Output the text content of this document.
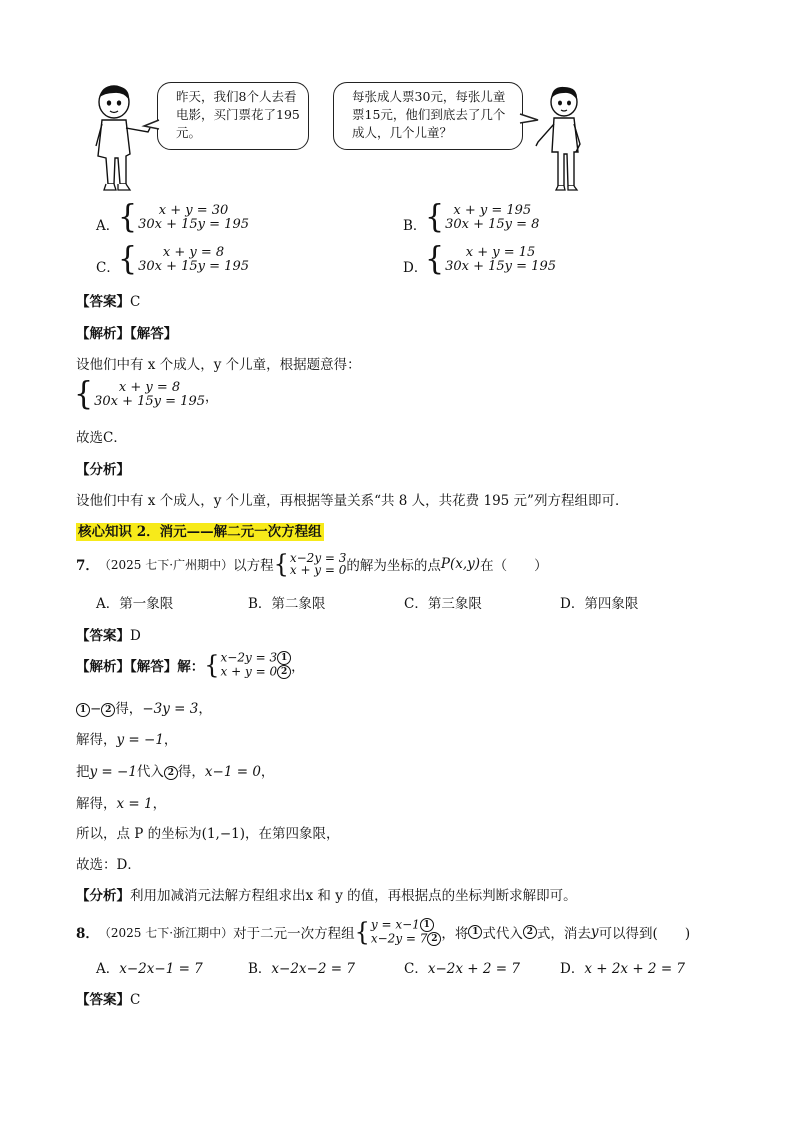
昨天，我们8个人去看电影，买门票花了195元。
每张成人票30元，每张儿童票15元，他们到底去了几个成人，几个儿童？
A．
{ x + y = 30
30x + 15y = 195	B．
{ x + y = 195
30x + 15y = 8
C．
{ x + y = 8
30x + 15y = 195	D．
{ x + y = 15
30x + 15y = 195
【答案】C
【解析】【解答】
设他们中有 x 个成人，y 个儿童，根据题意得：
{ x + y = 8
30x + 15y = 195 ，
故选C．
【分析】
设他们中有 x 个成人，y 个儿童，再根据等量关系“共 8 人，共花费 195 元”列方程组即可．
核心知识 2．消元——解二元一次方程组
7． （2025 七下·广州期中） 以方程 { x−2y = 3
x + y = 0 的解为坐标的点 P(x,y) 在（　　）
A．第一象限	B．第二象限	C．第三象限	D．第四象限
【答案】D
【解析】【解答】解： { x−2y = 3 1
x + y = 0 2 ，
1 − 2 得，−3y = 3，
解得，y = −1，
把y = −1代入 2 得，x−1 = 0，
解得，x = 1，
所以，点 P 的坐标为(1,−1)，在第四象限，
故选：D．
【分析】利用加减消元法解方程组求出x 和 y 的值，再根据点的坐标判断求解即可。
8． （2025 七下·浙江期中） 对于二元一次方程组 { y = x−1 1
x−2y = 7 2 ，将 1 式代入 2 式，消去 y 可以得到(　　)
A．x−2x−1 = 7	B．x−2x−2 = 7	C．x−2x + 2 = 7	D．x + 2x + 2 = 7
【答案】C
